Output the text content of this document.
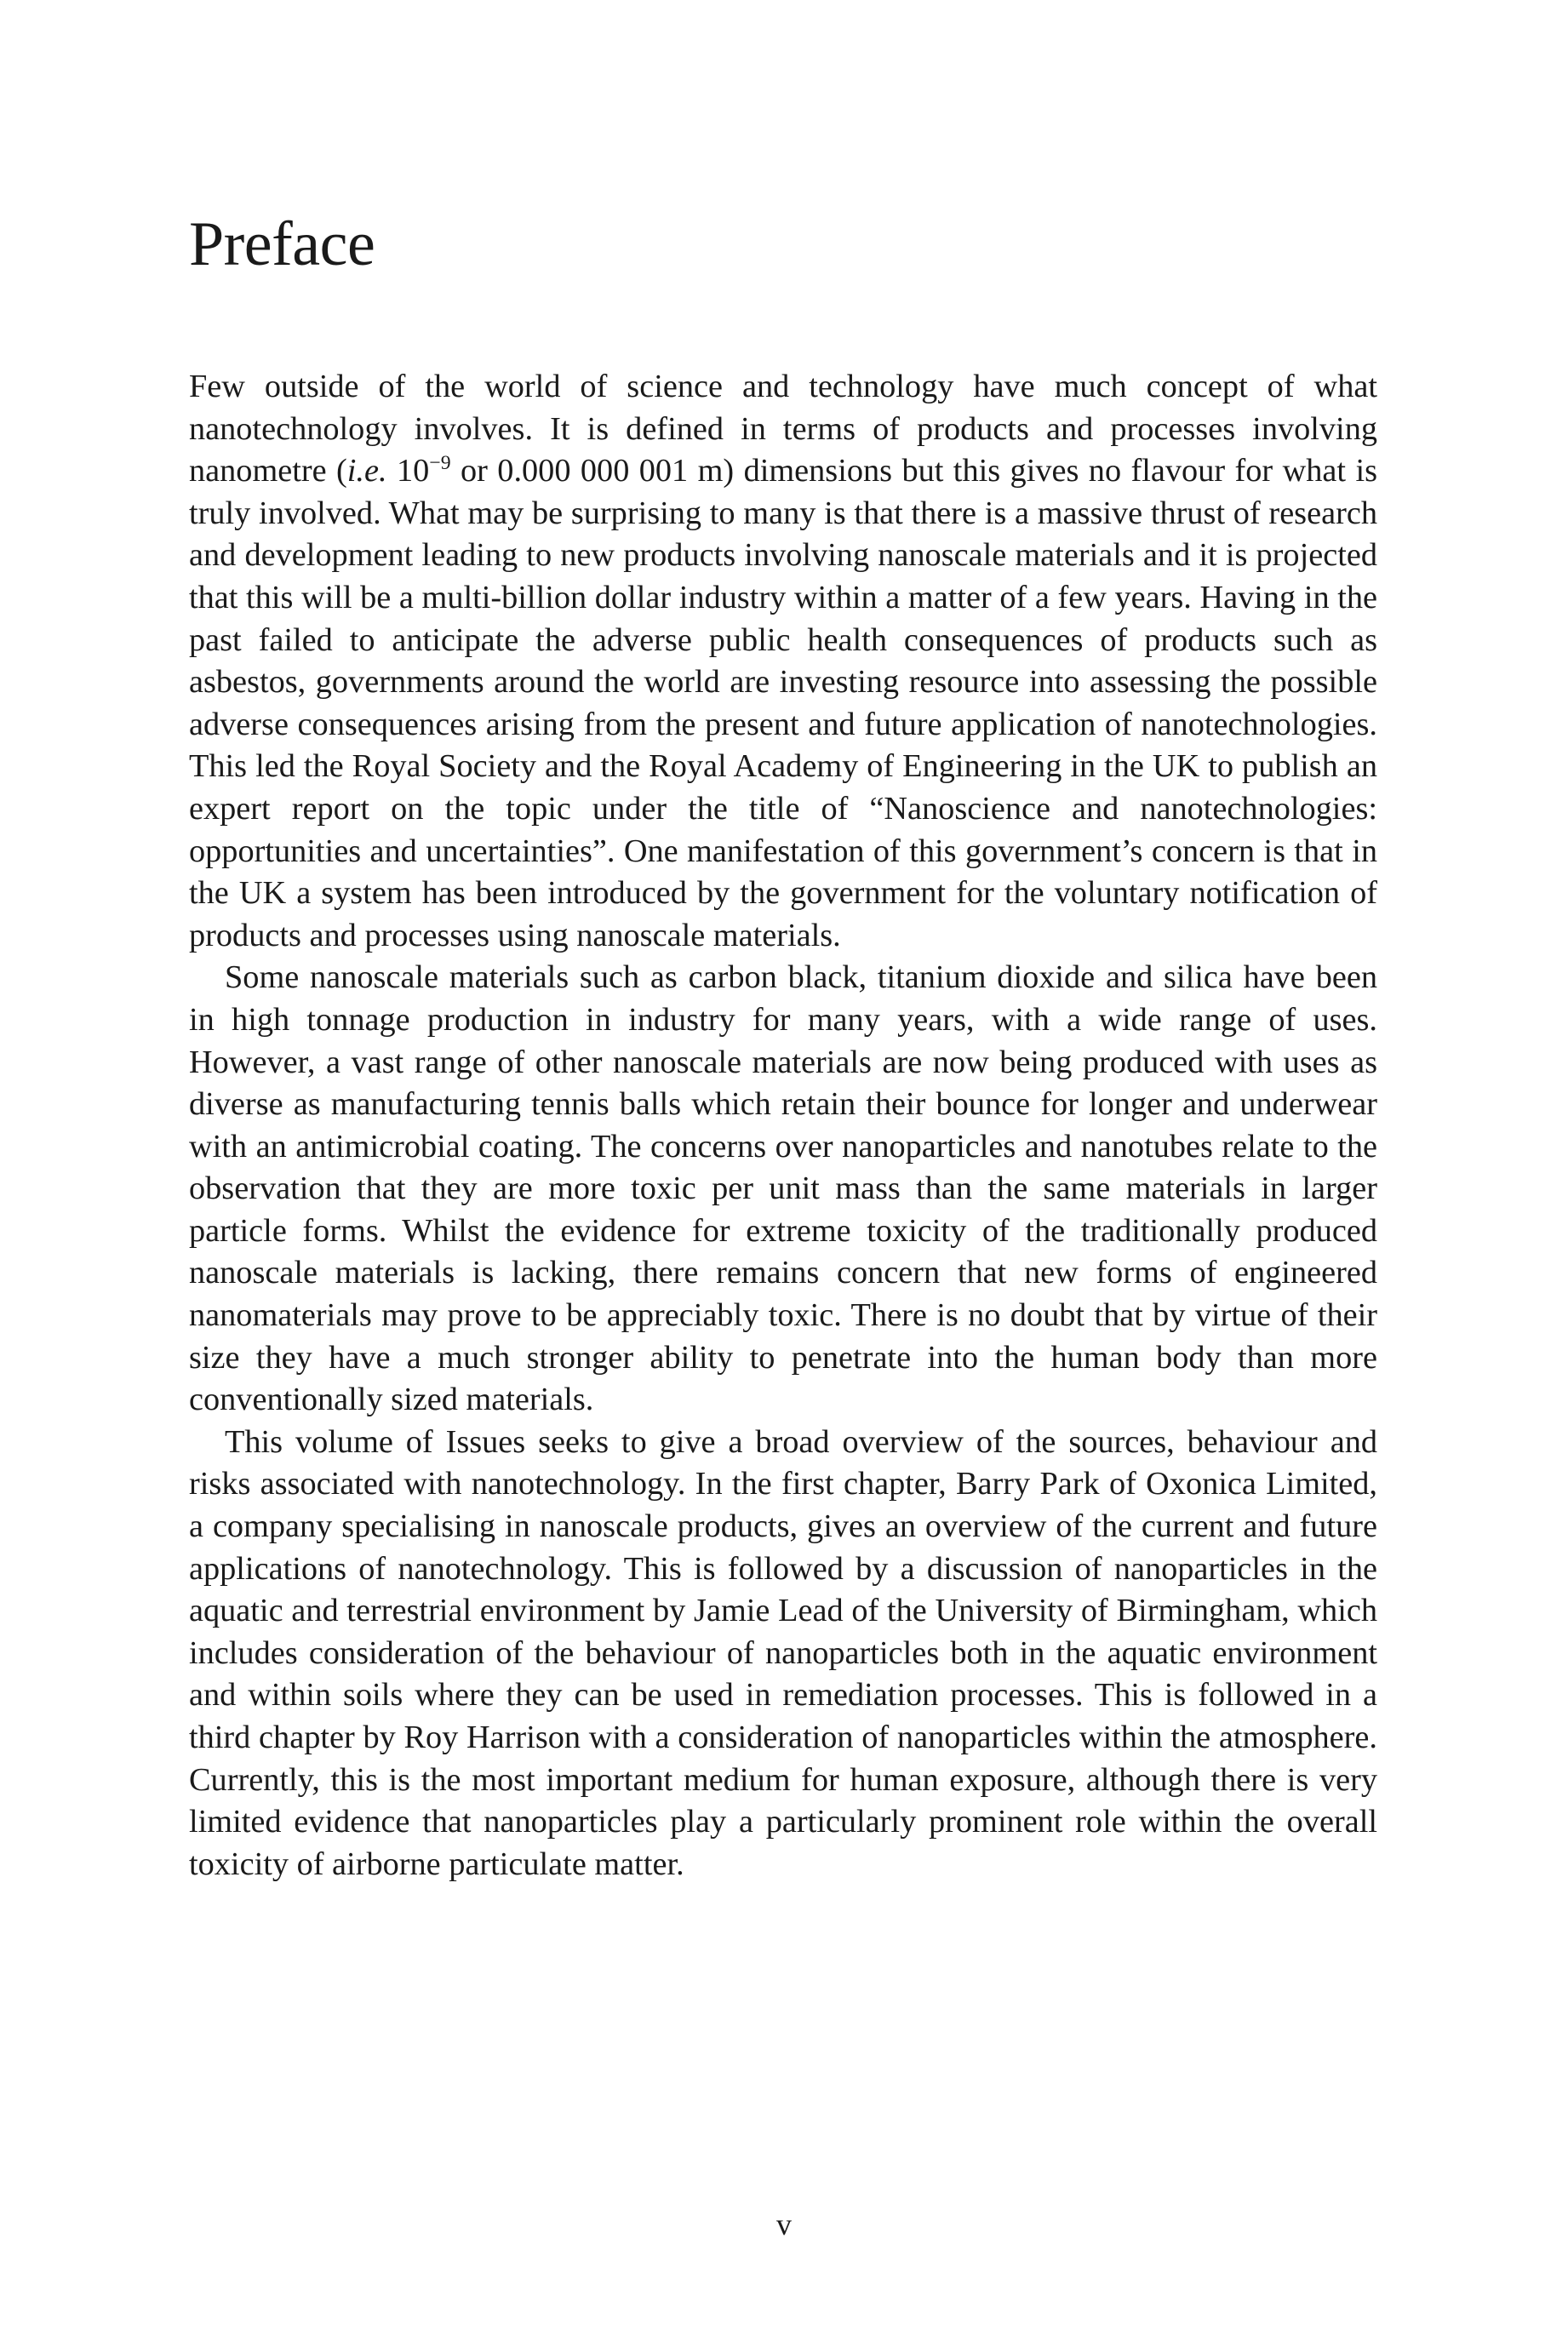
Preface

Few outside of the world of science and technology have much concept of what nanotechnology involves. It is defined in terms of products and processes involving nanometre (i.e. $10^{-9}$ or 0.000 000 001 m) dimensions but this gives no flavour for what is truly involved. What may be surprising to many is that there is a massive thrust of research and development leading to new products involving nanoscale materials and it is projected that this will be a multi-billion dollar industry within a matter of a few years. Having in the past failed to anticipate the adverse public health consequences of products such as asbestos, governments around the world are investing resource into assessing the possible adverse consequences arising from the present and future application of nanotechnologies. This led the Royal Society and the Royal Academy of Engineering in the UK to publish an expert report on the topic under the title of “Nanoscience and nanotechnologies: opportunities and uncertainties”. One manifestation of this government’s concern is that in the UK a system has been introduced by the government for the voluntary notification of products and processes using nanoscale materials.

Some nanoscale materials such as carbon black, titanium dioxide and silica have been in high tonnage production in industry for many years, with a wide range of uses. However, a vast range of other nanoscale materials are now being produced with uses as diverse as manufacturing tennis balls which retain their bounce for longer and underwear with an antimicrobial coating. The concerns over nanoparticles and nanotubes relate to the observation that they are more toxic per unit mass than the same materials in larger particle forms. Whilst the evidence for extreme toxicity of the traditionally produced nanoscale materials is lacking, there remains concern that new forms of engineered nanomaterials may prove to be appreciably toxic. There is no doubt that by virtue of their size they have a much stronger ability to penetrate into the human body than more conventionally sized materials.

This volume of Issues seeks to give a broad overview of the sources, behaviour and risks associated with nanotechnology. In the first chapter, Barry Park of Oxonica Limited, a company specialising in nanoscale products, gives an overview of the current and future applications of nanotechnology. This is followed by a discussion of nanoparticles in the aquatic and terrestrial environment by Jamie Lead of the University of Birmingham, which includes consideration of the behaviour of nanoparticles both in the aquatic environment and within soils where they can be used in remediation processes. This is followed in a third chapter by Roy Harrison with a consideration of nanoparticles within the atmosphere. Currently, this is the most important medium for human exposure, although there is very limited evidence that nanoparticles play a particularly prominent role within the overall toxicity of airborne particulate matter.

v
